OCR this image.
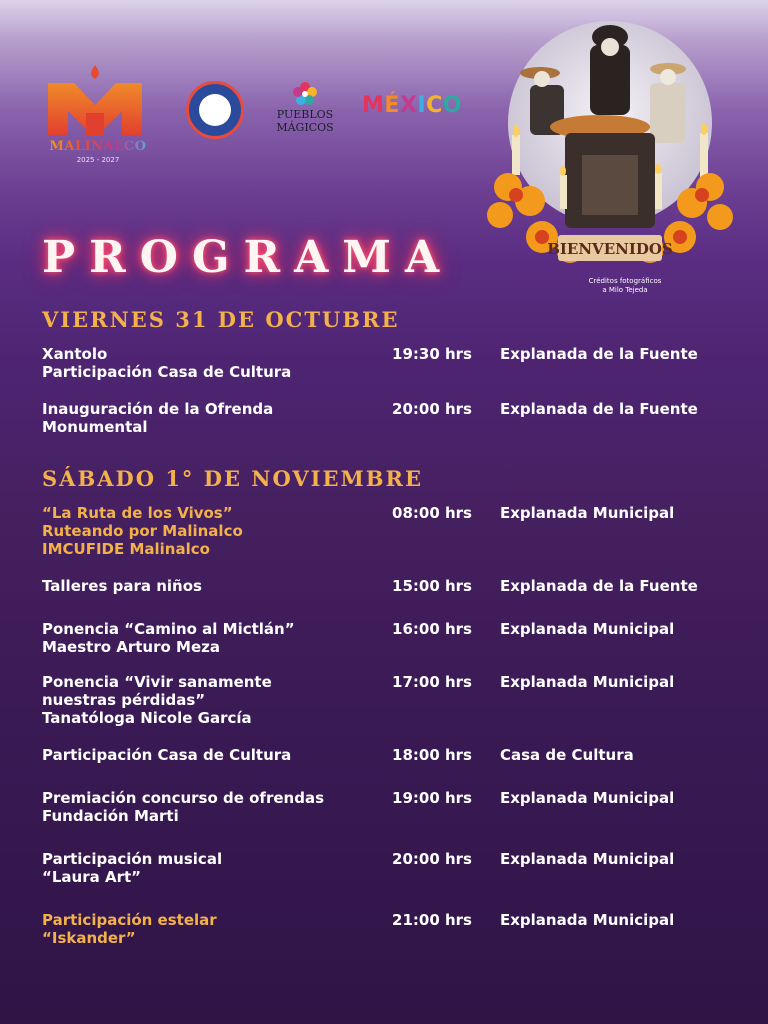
MALINALCO
2025 - 2027
PUEBLOS
MÁGICOS
MÉXICO
BIENVENIDOS
Créditos fotográficos
a Milo Tejeda
PROGRAMA
VIERNES 31 DE OCTUBRE
Xantolo
Participación Casa de Cultura
19:30 hrs Explanada de la Fuente
Inauguración de la Ofrenda
Monumental
20:00 hrs Explanada de la Fuente
SÁBADO 1° DE NOVIEMBRE
“La Ruta de los Vivos”
Ruteando por Malinalco
IMCUFIDE Malinalco
08:00 hrs Explanada Municipal
Talleres para niños	15:00 hrs Explanada de la Fuente
Ponencia “Camino al Mictlán”
Maestro Arturo Meza
16:00 hrs Explanada Municipal
Ponencia “Vivir sanamente
nuestras pérdidas”
Tanatóloga Nicole García
17:00 hrs Explanada Municipal
Participación Casa de Cultura	18:00 hrs Casa de Cultura
Premiación concurso de ofrendas
Fundación Marti
19:00 hrs Explanada Municipal
Participación musical
“Laura Art”
20:00 hrs Explanada Municipal
Participación estelar
“Iskander”
21:00 hrs Explanada Municipal
